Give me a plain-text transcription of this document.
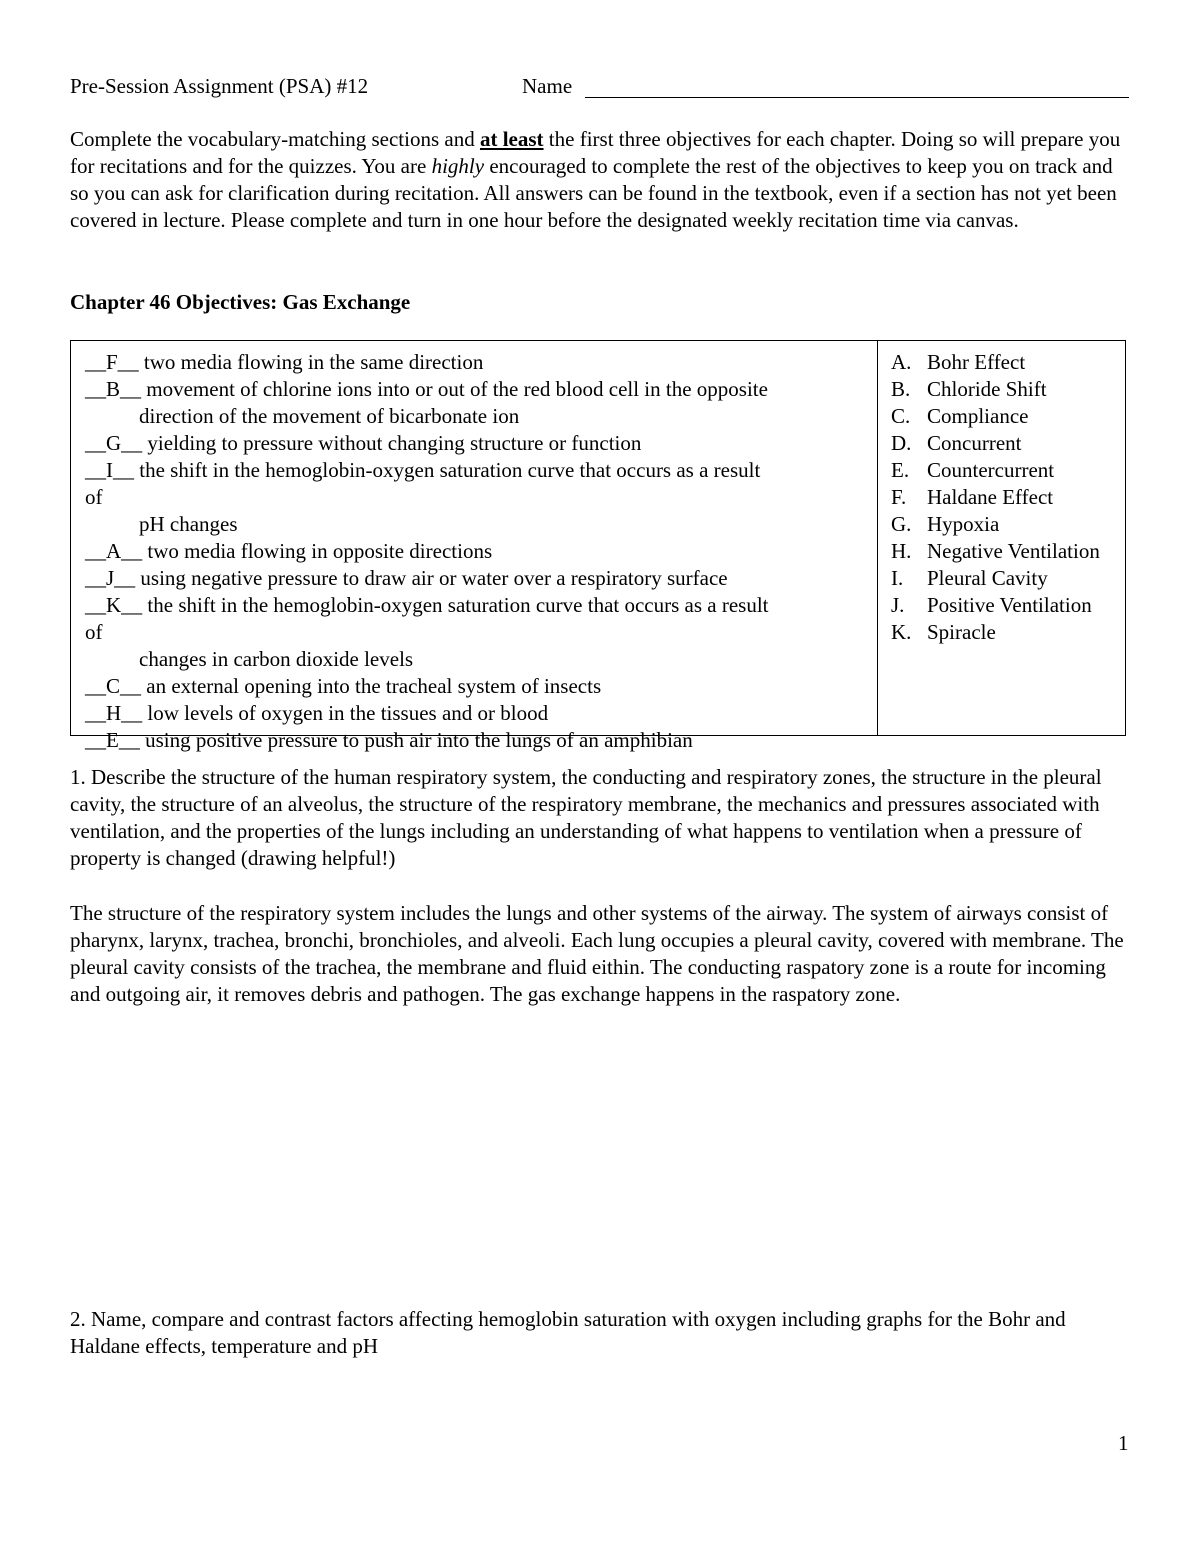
Pre-Session Assignment (PSA) #12	Name
Complete the vocabulary-matching sections and at least the first three objectives for each chapter. Doing so will prepare you for recitations and for the quizzes. You are highly encouraged to complete the rest of the objectives to keep you on track and so you can ask for clarification during recitation. All answers can be found in the textbook, even if a section has not yet been covered in lecture. Please complete and turn in one hour before the designated weekly recitation time via canvas.
Chapter 46 Objectives: Gas Exchange
__F__ two media flowing in the same direction
__B__ movement of chlorine ions into or out of the red blood cell in the opposite
direction of the movement of bicarbonate ion
__G__ yielding to pressure without changing structure or function
__I__ the shift in the hemoglobin-oxygen saturation curve that occurs as a result
of
pH changes
__A__ two media flowing in opposite directions
__J__ using negative pressure to draw air or water over a respiratory surface
__K__ the shift in the hemoglobin-oxygen saturation curve that occurs as a result
of
changes in carbon dioxide levels
__C__ an external opening into the tracheal system of insects
__H__ low levels of oxygen in the tissues and or blood
__E__ using positive pressure to push air into the lungs of an amphibian
A. Bohr Effect
B. Chloride Shift
C. Compliance
D. Concurrent
E. Countercurrent
F. Haldane Effect
G. Hypoxia
H. Negative Ventilation
I.	Pleural Cavity
J.	Positive Ventilation
K. Spiracle
1. Describe the structure of the human respiratory system, the conducting and respiratory zones, the structure in the pleural cavity, the structure of an alveolus, the structure of the respiratory membrane, the mechanics and pressures associated with ventilation, and the properties of the lungs including an understanding of what happens to ventilation when a pressure of property is changed (drawing helpful!)
The structure of the respiratory system includes the lungs and other systems of the airway. The system of airways consist of pharynx, larynx, trachea, bronchi, bronchioles, and alveoli. Each lung occupies a pleural cavity, covered with membrane. The pleural cavity consists of the trachea, the membrane and fluid eithin. The conducting raspatory zone is a route for incoming and outgoing air, it removes debris and pathogen. The gas exchange happens in the raspatory zone.
2. Name, compare and contrast factors affecting hemoglobin saturation with oxygen including graphs for the Bohr and Haldane effects, temperature and pH
1
